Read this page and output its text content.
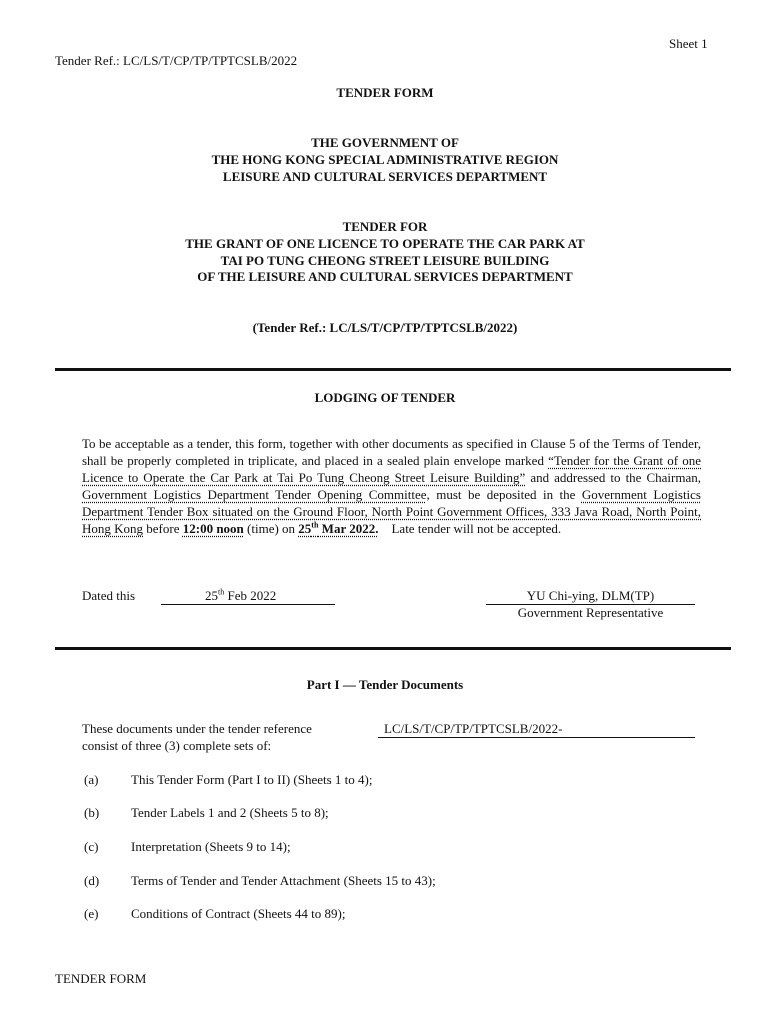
Sheet 1
Tender Ref.: LC/LS/T/CP/TP/TPTCSLB/2022
TENDER FORM
THE GOVERNMENT OF
THE HONG KONG SPECIAL ADMINISTRATIVE REGION
LEISURE AND CULTURAL SERVICES DEPARTMENT
TENDER FOR
THE GRANT OF ONE LICENCE TO OPERATE THE CAR PARK AT
TAI PO TUNG CHEONG STREET LEISURE BUILDING
OF THE LEISURE AND CULTURAL SERVICES DEPARTMENT
(Tender Ref.: LC/LS/T/CP/TP/TPTCSLB/2022)
LODGING OF TENDER
To be acceptable as a tender, this form, together with other documents as specified in Clause 5 of the Terms of Tender, shall be properly completed in triplicate, and placed in a sealed plain envelope marked “Tender for the Grant of one Licence to Operate the Car Park at Tai Po Tung Cheong Street Leisure Building” and addressed to the Chairman, Government Logistics Department Tender Opening Committee, must be deposited in the Government Logistics Department Tender Box situated on the Ground Floor, North Point Government Offices, 333 Java Road, North Point, Hong Kong before 12:00 noon (time) on 25th Mar 2022. Late tender will not be accepted.
Dated this	25th Feb 2022	YU Chi-ying, DLM(TP)
Government Representative
Part I — Tender Documents
These documents under the tender reference
consist of three (3) complete sets of:
LC/LS/T/CP/TP/TPTCSLB/2022-
(a)	This Tender Form (Part I to II) (Sheets 1 to 4);
(b) Tender Labels 1 and 2 (Sheets 5 to 8);
(c)	Interpretation (Sheets 9 to 14);
(d) Terms of Tender and Tender Attachment (Sheets 15 to 43);
(e)	Conditions of Contract (Sheets 44 to 89);
TENDER FORM
